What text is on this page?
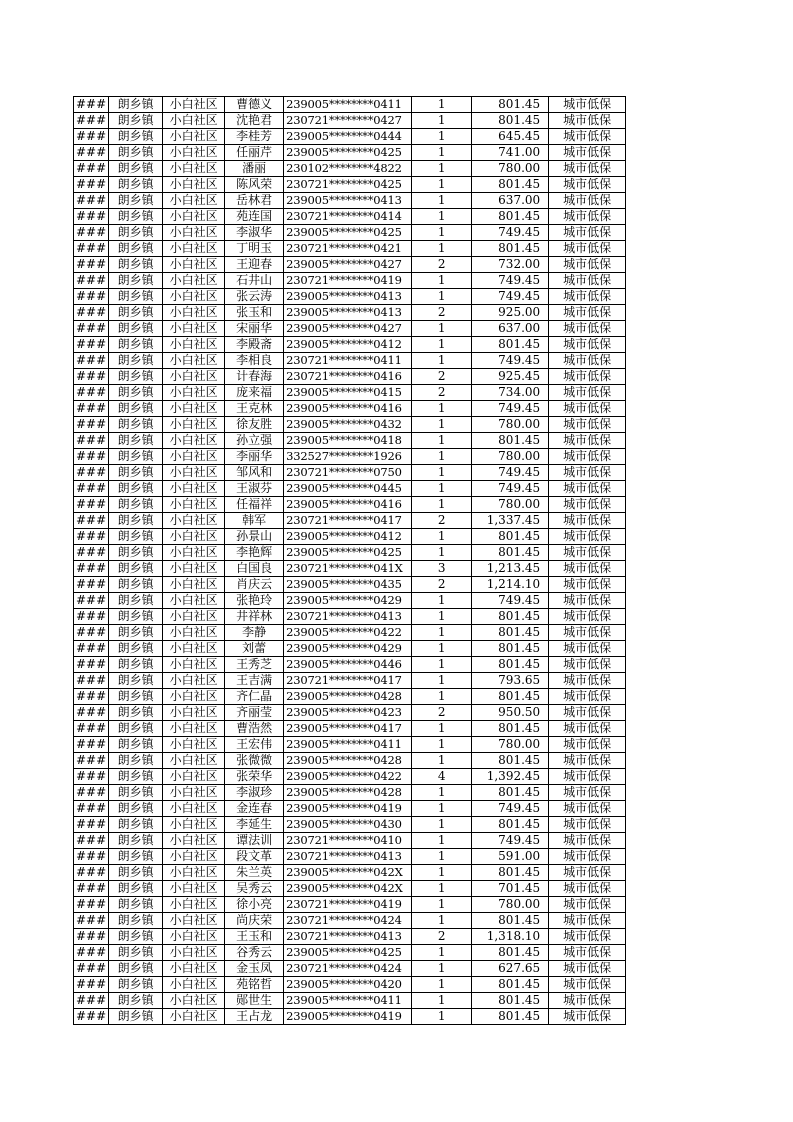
###	朗乡镇	小白社区	曹德义	239005********0411	1	801.45	城市低保
###	朗乡镇	小白社区	沈艳君	230721********0427	1	801.45	城市低保
###	朗乡镇	小白社区	李桂芳	239005********0444	1	645.45	城市低保
###	朗乡镇	小白社区	任丽芹	239005********0425	1	741.00	城市低保
###	朗乡镇	小白社区	潘丽	230102********4822	1	780.00	城市低保
###	朗乡镇	小白社区	陈风荣	230721********0425	1	801.45	城市低保
###	朗乡镇	小白社区	岳林君	239005********0413	1	637.00	城市低保
###	朗乡镇	小白社区	苑连国	230721********0414	1	801.45	城市低保
###	朗乡镇	小白社区	李淑华	239005********0425	1	749.45	城市低保
###	朗乡镇	小白社区	丁明玉	230721********0421	1	801.45	城市低保
###	朗乡镇	小白社区	王迎春	239005********0427	2	732.00	城市低保
###	朗乡镇	小白社区	石井山	230721********0419	1	749.45	城市低保
###	朗乡镇	小白社区	张云涛	239005********0413	1	749.45	城市低保
###	朗乡镇	小白社区	张玉和	239005********0413	2	925.00	城市低保
###	朗乡镇	小白社区	宋丽华	239005********0427	1	637.00	城市低保
###	朗乡镇	小白社区	李殿斋	239005********0412	1	801.45	城市低保
###	朗乡镇	小白社区	李相良	230721********0411	1	749.45	城市低保
###	朗乡镇	小白社区	计春海	230721********0416	2	925.45	城市低保
###	朗乡镇	小白社区	庞来福	239005********0415	2	734.00	城市低保
###	朗乡镇	小白社区	王克林	239005********0416	1	749.45	城市低保
###	朗乡镇	小白社区	徐友胜	239005********0432	1	780.00	城市低保
###	朗乡镇	小白社区	孙立强	239005********0418	1	801.45	城市低保
###	朗乡镇	小白社区	李丽华	332527********1926	1	780.00	城市低保
###	朗乡镇	小白社区	邹风和	230721********0750	1	749.45	城市低保
###	朗乡镇	小白社区	王淑芬	239005********0445	1	749.45	城市低保
###	朗乡镇	小白社区	任福祥	239005********0416	1	780.00	城市低保
###	朗乡镇	小白社区	韩军	230721********0417	2	1,337.45	城市低保
###	朗乡镇	小白社区	孙景山	239005********0412	1	801.45	城市低保
###	朗乡镇	小白社区	李艳辉	239005********0425	1	801.45	城市低保
###	朗乡镇	小白社区	白国良	230721********041X	3	1,213.45	城市低保
###	朗乡镇	小白社区	肖庆云	239005********0435	2	1,214.10	城市低保
###	朗乡镇	小白社区	张艳玲	239005********0429	1	749.45	城市低保
###	朗乡镇	小白社区	井祥林	230721********0413	1	801.45	城市低保
###	朗乡镇	小白社区	李静	239005********0422	1	801.45	城市低保
###	朗乡镇	小白社区	刘蕾	239005********0429	1	801.45	城市低保
###	朗乡镇	小白社区	王秀芝	239005********0446	1	801.45	城市低保
###	朗乡镇	小白社区	王吉满	230721********0417	1	793.65	城市低保
###	朗乡镇	小白社区	齐仁晶	239005********0428	1	801.45	城市低保
###	朗乡镇	小白社区	齐丽莹	239005********0423	2	950.50	城市低保
###	朗乡镇	小白社区	曹浩然	239005********0417	1	801.45	城市低保
###	朗乡镇	小白社区	王宏伟	239005********0411	1	780.00	城市低保
###	朗乡镇	小白社区	张微微	239005********0428	1	801.45	城市低保
###	朗乡镇	小白社区	张荣华	239005********0422	4	1,392.45	城市低保
###	朗乡镇	小白社区	李淑珍	239005********0428	1	801.45	城市低保
###	朗乡镇	小白社区	金连春	239005********0419	1	749.45	城市低保
###	朗乡镇	小白社区	李延生	239005********0430	1	801.45	城市低保
###	朗乡镇	小白社区	谭法训	230721********0410	1	749.45	城市低保
###	朗乡镇	小白社区	段文革	230721********0413	1	591.00	城市低保
###	朗乡镇	小白社区	朱兰英	239005********042X	1	801.45	城市低保
###	朗乡镇	小白社区	吴秀云	239005********042X	1	701.45	城市低保
###	朗乡镇	小白社区	徐小亮	230721********0419	1	780.00	城市低保
###	朗乡镇	小白社区	尚庆荣	230721********0424	1	801.45	城市低保
###	朗乡镇	小白社区	王玉和	230721********0413	2	1,318.10	城市低保
###	朗乡镇	小白社区	谷秀云	239005********0425	1	801.45	城市低保
###	朗乡镇	小白社区	金玉凤	230721********0424	1	627.65	城市低保
###	朗乡镇	小白社区	苑铭哲	239005********0420	1	801.45	城市低保
###	朗乡镇	小白社区	郧世生	239005********0411	1	801.45	城市低保
###	朗乡镇	小白社区	王占龙	239005********0419	1	801.45	城市低保
